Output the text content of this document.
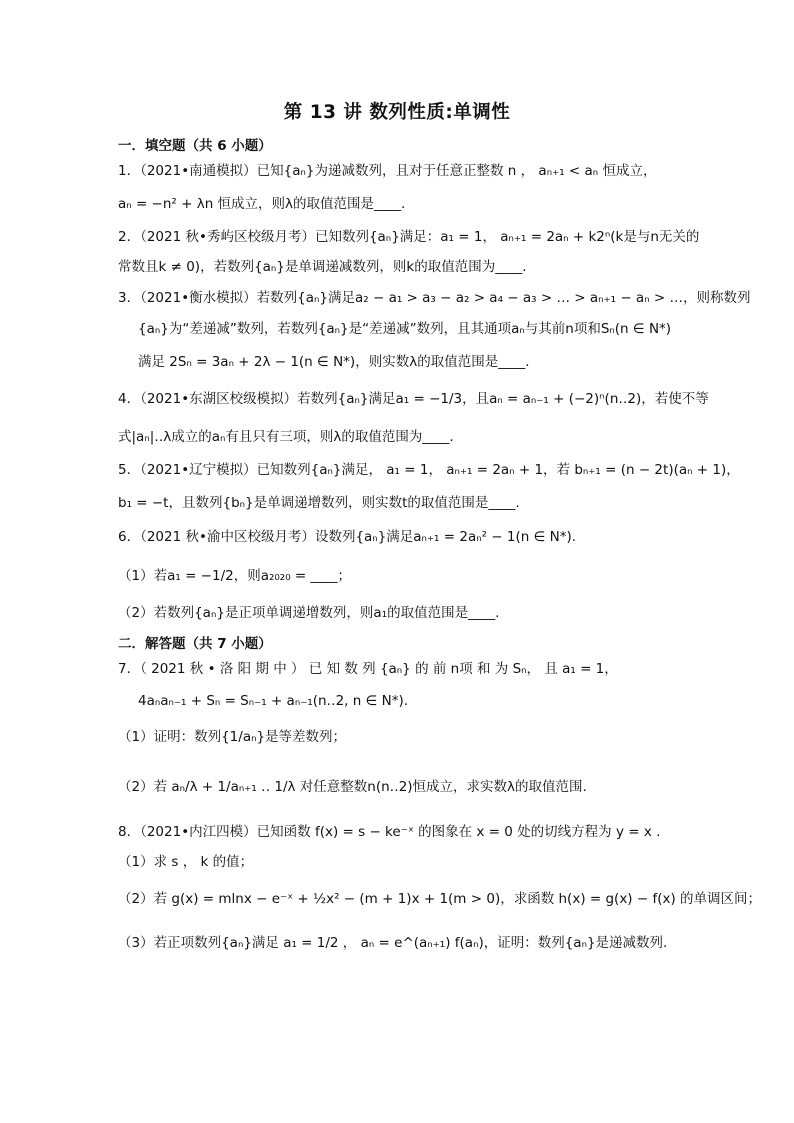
第 13 讲 数列性质:单调性
一．填空题（共 6 小题）
1．（2021•南通模拟）已知{aₙ}为递减数列，且对于任意正整数 n ， aₙ₊₁ < aₙ 恒成立，
aₙ = −n² + λn 恒成立，则λ的取值范围是____.
2．（2021 秋•秀屿区校级月考）已知数列{aₙ}满足：a₁ = 1， aₙ₊₁ = 2aₙ + k2ⁿ(k是与n无关的
常数且k ≠ 0)，若数列{aₙ}是单调递减数列，则k的取值范围为____.
3．（2021•衡水模拟）若数列{aₙ}满足a₂ − a₁ > a₃ − a₂ > a₄ − a₃ > … > aₙ₊₁ − aₙ > …，则称数列
{aₙ}为“差递减”数列，若数列{aₙ}是“差递减”数列，且其通项aₙ与其前n项和Sₙ(n ∈ N*)
满足 2Sₙ = 3aₙ + 2λ − 1(n ∈ N*)，则实数λ的取值范围是____.
4．（2021•东湖区校级模拟）若数列{aₙ}满足a₁ = −1/3，且aₙ = aₙ₋₁ + (−2)ⁿ(n‥2)，若使不等
式|aₙ|‥λ成立的aₙ有且只有三项，则λ的取值范围为____.
5．（2021•辽宁模拟）已知数列{aₙ}满足， a₁ = 1， aₙ₊₁ = 2aₙ + 1，若 bₙ₊₁ = (n − 2t)(aₙ + 1)，
b₁ = −t，且数列{bₙ}是单调递增数列，则实数t的取值范围是____.
6．（2021 秋•渝中区校级月考）设数列{aₙ}满足aₙ₊₁ = 2aₙ² − 1(n ∈ N*).
（1）若a₁ = −1/2，则a₂₀₂₀ = ____；
（2）若数列{aₙ}是正项单调递增数列，则a₁的取值范围是____.
二．解答题（共 7 小题）
7．（ 2021 秋 • 洛 阳 期 中 ） 已 知 数 列 {aₙ} 的 前 n项 和 为 Sₙ， 且 a₁ = 1，
4aₙaₙ₋₁ + Sₙ = Sₙ₋₁ + aₙ₋₁(n‥2, n ∈ N*).
（1）证明：数列{1/aₙ}是等差数列；
（2）若 aₙ/λ + 1/aₙ₊₁ ‥ 1/λ 对任意整数n(n‥2)恒成立，求实数λ的取值范围.
8．（2021•内江四模）已知函数 f(x) = s − ke⁻ˣ 的图象在 x = 0 处的切线方程为 y = x .
（1）求 s ， k 的值；
（2）若 g(x) = mlnx − e⁻ˣ + ½x² − (m + 1)x + 1(m > 0)，求函数 h(x) = g(x) − f(x) 的单调区间；
（3）若正项数列{aₙ}满足 a₁ = 1/2 ， aₙ = e^(aₙ₊₁) f(aₙ)，证明：数列{aₙ}是递减数列.
